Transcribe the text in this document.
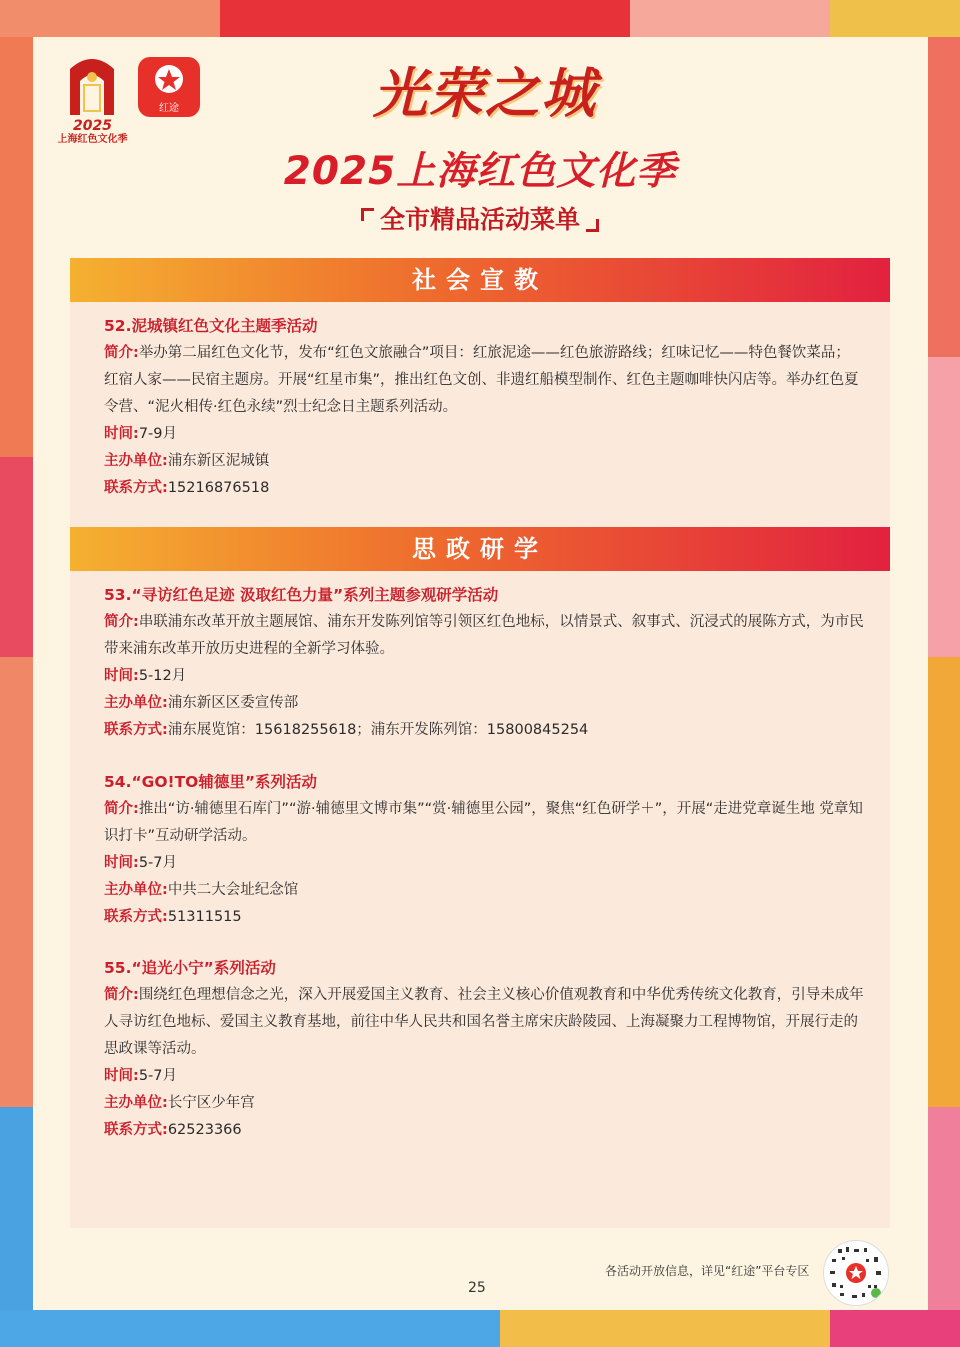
2025
上海红色文化季
红途	光荣之城
2025上海红色文化季
全市精品活动菜单
社会宣教
52.泥城镇红色文化主题季活动
简介:举办第二届红色文化节，发布“红色文旅融合”项目：红旅泥途——红色旅游路线；红味记忆——特色餐饮菜品；红宿人家——民宿主题房。开展“红星市集”，推出红色文创、非遗红船模型制作、红色主题咖啡快闪店等。举办红色夏令营、“泥火相传·红色永续”烈士纪念日主题系列活动。
时间:7-9月
主办单位:浦东新区泥城镇
联系方式:15216876518
思政研学
53.“寻访红色足迹 汲取红色力量”系列主题参观研学活动
简介:串联浦东改革开放主题展馆、浦东开发陈列馆等引领区红色地标，以情景式、叙事式、沉浸式的展陈方式，为市民带来浦东改革开放历史进程的全新学习体验。
时间:5-12月
主办单位:浦东新区区委宣传部
联系方式:浦东展览馆：15618255618；浦东开发陈列馆：15800845254
54.“GO!TO辅德里”系列活动
简介:推出“访·辅德里石库门”“游·辅德里文博市集”“赏·辅德里公园”，聚焦“红色研学＋”，开展“走进党章诞生地 党章知识打卡”互动研学活动。
时间:5-7月
主办单位:中共二大会址纪念馆
联系方式:51311515
55.“追光小宁”系列活动
简介:围绕红色理想信念之光，深入开展爱国主义教育、社会主义核心价值观教育和中华优秀传统文化教育，引导未成年人寻访红色地标、爱国主义教育基地，前往中华人民共和国名誉主席宋庆龄陵园、上海凝聚力工程博物馆，开展行走的思政课等活动。
时间:5-7月
主办单位:长宁区少年宫
联系方式:62523366
各活动开放信息，详见“红途”平台专区
25
